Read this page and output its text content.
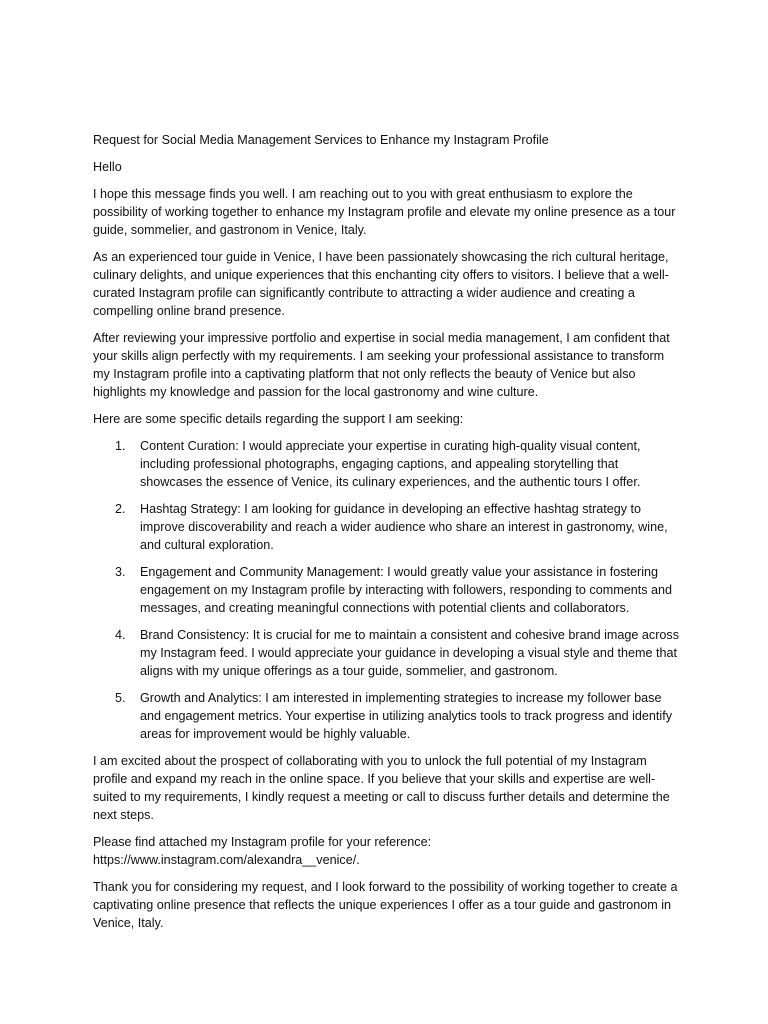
Request for Social Media Management Services to Enhance my Instagram Profile

Hello

I hope this message finds you well. I am reaching out to you with great enthusiasm to explore the possibility of working together to enhance my Instagram profile and elevate my online presence as a tour guide, sommelier, and gastronom in Venice, Italy.

As an experienced tour guide in Venice, I have been passionately showcasing the rich cultural heritage, culinary delights, and unique experiences that this enchanting city offers to visitors. I believe that a well-curated Instagram profile can significantly contribute to attracting a wider audience and creating a compelling online brand presence.

After reviewing your impressive portfolio and expertise in social media management, I am confident that your skills align perfectly with my requirements. I am seeking your professional assistance to transform my Instagram profile into a captivating platform that not only reflects the beauty of Venice but also highlights my knowledge and passion for the local gastronomy and wine culture.

Here are some specific details regarding the support I am seeking:

1. Content Curation: I would appreciate your expertise in curating high-quality visual content, including professional photographs, engaging captions, and appealing storytelling that showcases the essence of Venice, its culinary experiences, and the authentic tours I offer.
2. Hashtag Strategy: I am looking for guidance in developing an effective hashtag strategy to improve discoverability and reach a wider audience who share an interest in gastronomy, wine, and cultural exploration.
3. Engagement and Community Management: I would greatly value your assistance in fostering engagement on my Instagram profile by interacting with followers, responding to comments and messages, and creating meaningful connections with potential clients and collaborators.
4. Brand Consistency: It is crucial for me to maintain a consistent and cohesive brand image across my Instagram feed. I would appreciate your guidance in developing a visual style and theme that aligns with my unique offerings as a tour guide, sommelier, and gastronom.
5. Growth and Analytics: I am interested in implementing strategies to increase my follower base and engagement metrics. Your expertise in utilizing analytics tools to track progress and identify areas for improvement would be highly valuable.

I am excited about the prospect of collaborating with you to unlock the full potential of my Instagram profile and expand my reach in the online space. If you believe that your skills and expertise are well-suited to my requirements, I kindly request a meeting or call to discuss further details and determine the next steps.

Please find attached my Instagram profile for your reference:
https://www.instagram.com/alexandra__venice/.

Thank you for considering my request, and I look forward to the possibility of working together to create a captivating online presence that reflects the unique experiences I offer as a tour guide and gastronom in Venice, Italy.
